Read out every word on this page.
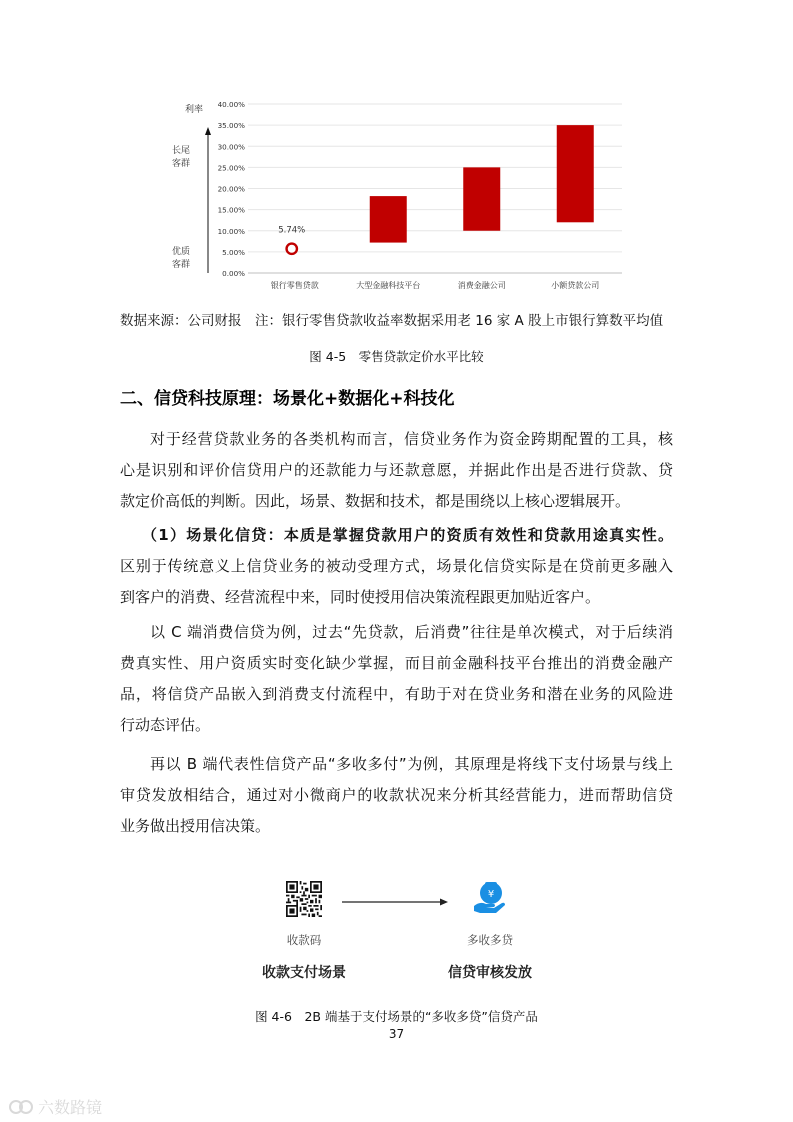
利率
长尾
客群
优质
客群
0.00%
5.00%
10.00%
15.00%
20.00%
25.00%
30.00%
35.00%
40.00%
5.74%
银行零售贷款	大型金融科技平台	消费金融公司	小额贷款公司
数据来源：公司财报　注：银行零售贷款收益率数据采用老 16 家 A 股上市银行算数平均值
图 4-5　零售贷款定价水平比较
二、信贷科技原理：场景化+数据化+科技化
对于经营贷款业务的各类机构而言，信贷业务作为资金跨期配置的工具，核
心是识别和评价信贷用户的还款能力与还款意愿，并据此作出是否进行贷款、贷
款定价高低的判断。因此，场景、数据和技术，都是围绕以上核心逻辑展开。
（1）场景化信贷：本质是掌握贷款用户的资质有效性和贷款用途真实性。
区别于传统意义上信贷业务的被动受理方式，场景化信贷实际是在贷前更多融入
到客户的消费、经营流程中来，同时使授用信决策流程跟更加贴近客户。
以 C 端消费信贷为例，过去“先贷款，后消费”往往是单次模式，对于后续消
费真实性、用户资质实时变化缺少掌握，而目前金融科技平台推出的消费金融产
品，将信贷产品嵌入到消费支付流程中，有助于对在贷业务和潜在业务的风险进
行动态评估。
再以 B 端代表性信贷产品“多收多付”为例，其原理是将线下支付场景与线上
审贷发放相结合，通过对小微商户的收款状况来分析其经营能力，进而帮助信贷
业务做出授用信决策。
¥
收款码	多收多贷
收款支付场景	信贷审核发放
图 4-6　2B 端基于支付场景的“多收多贷”信贷产品
37
六数路镜
